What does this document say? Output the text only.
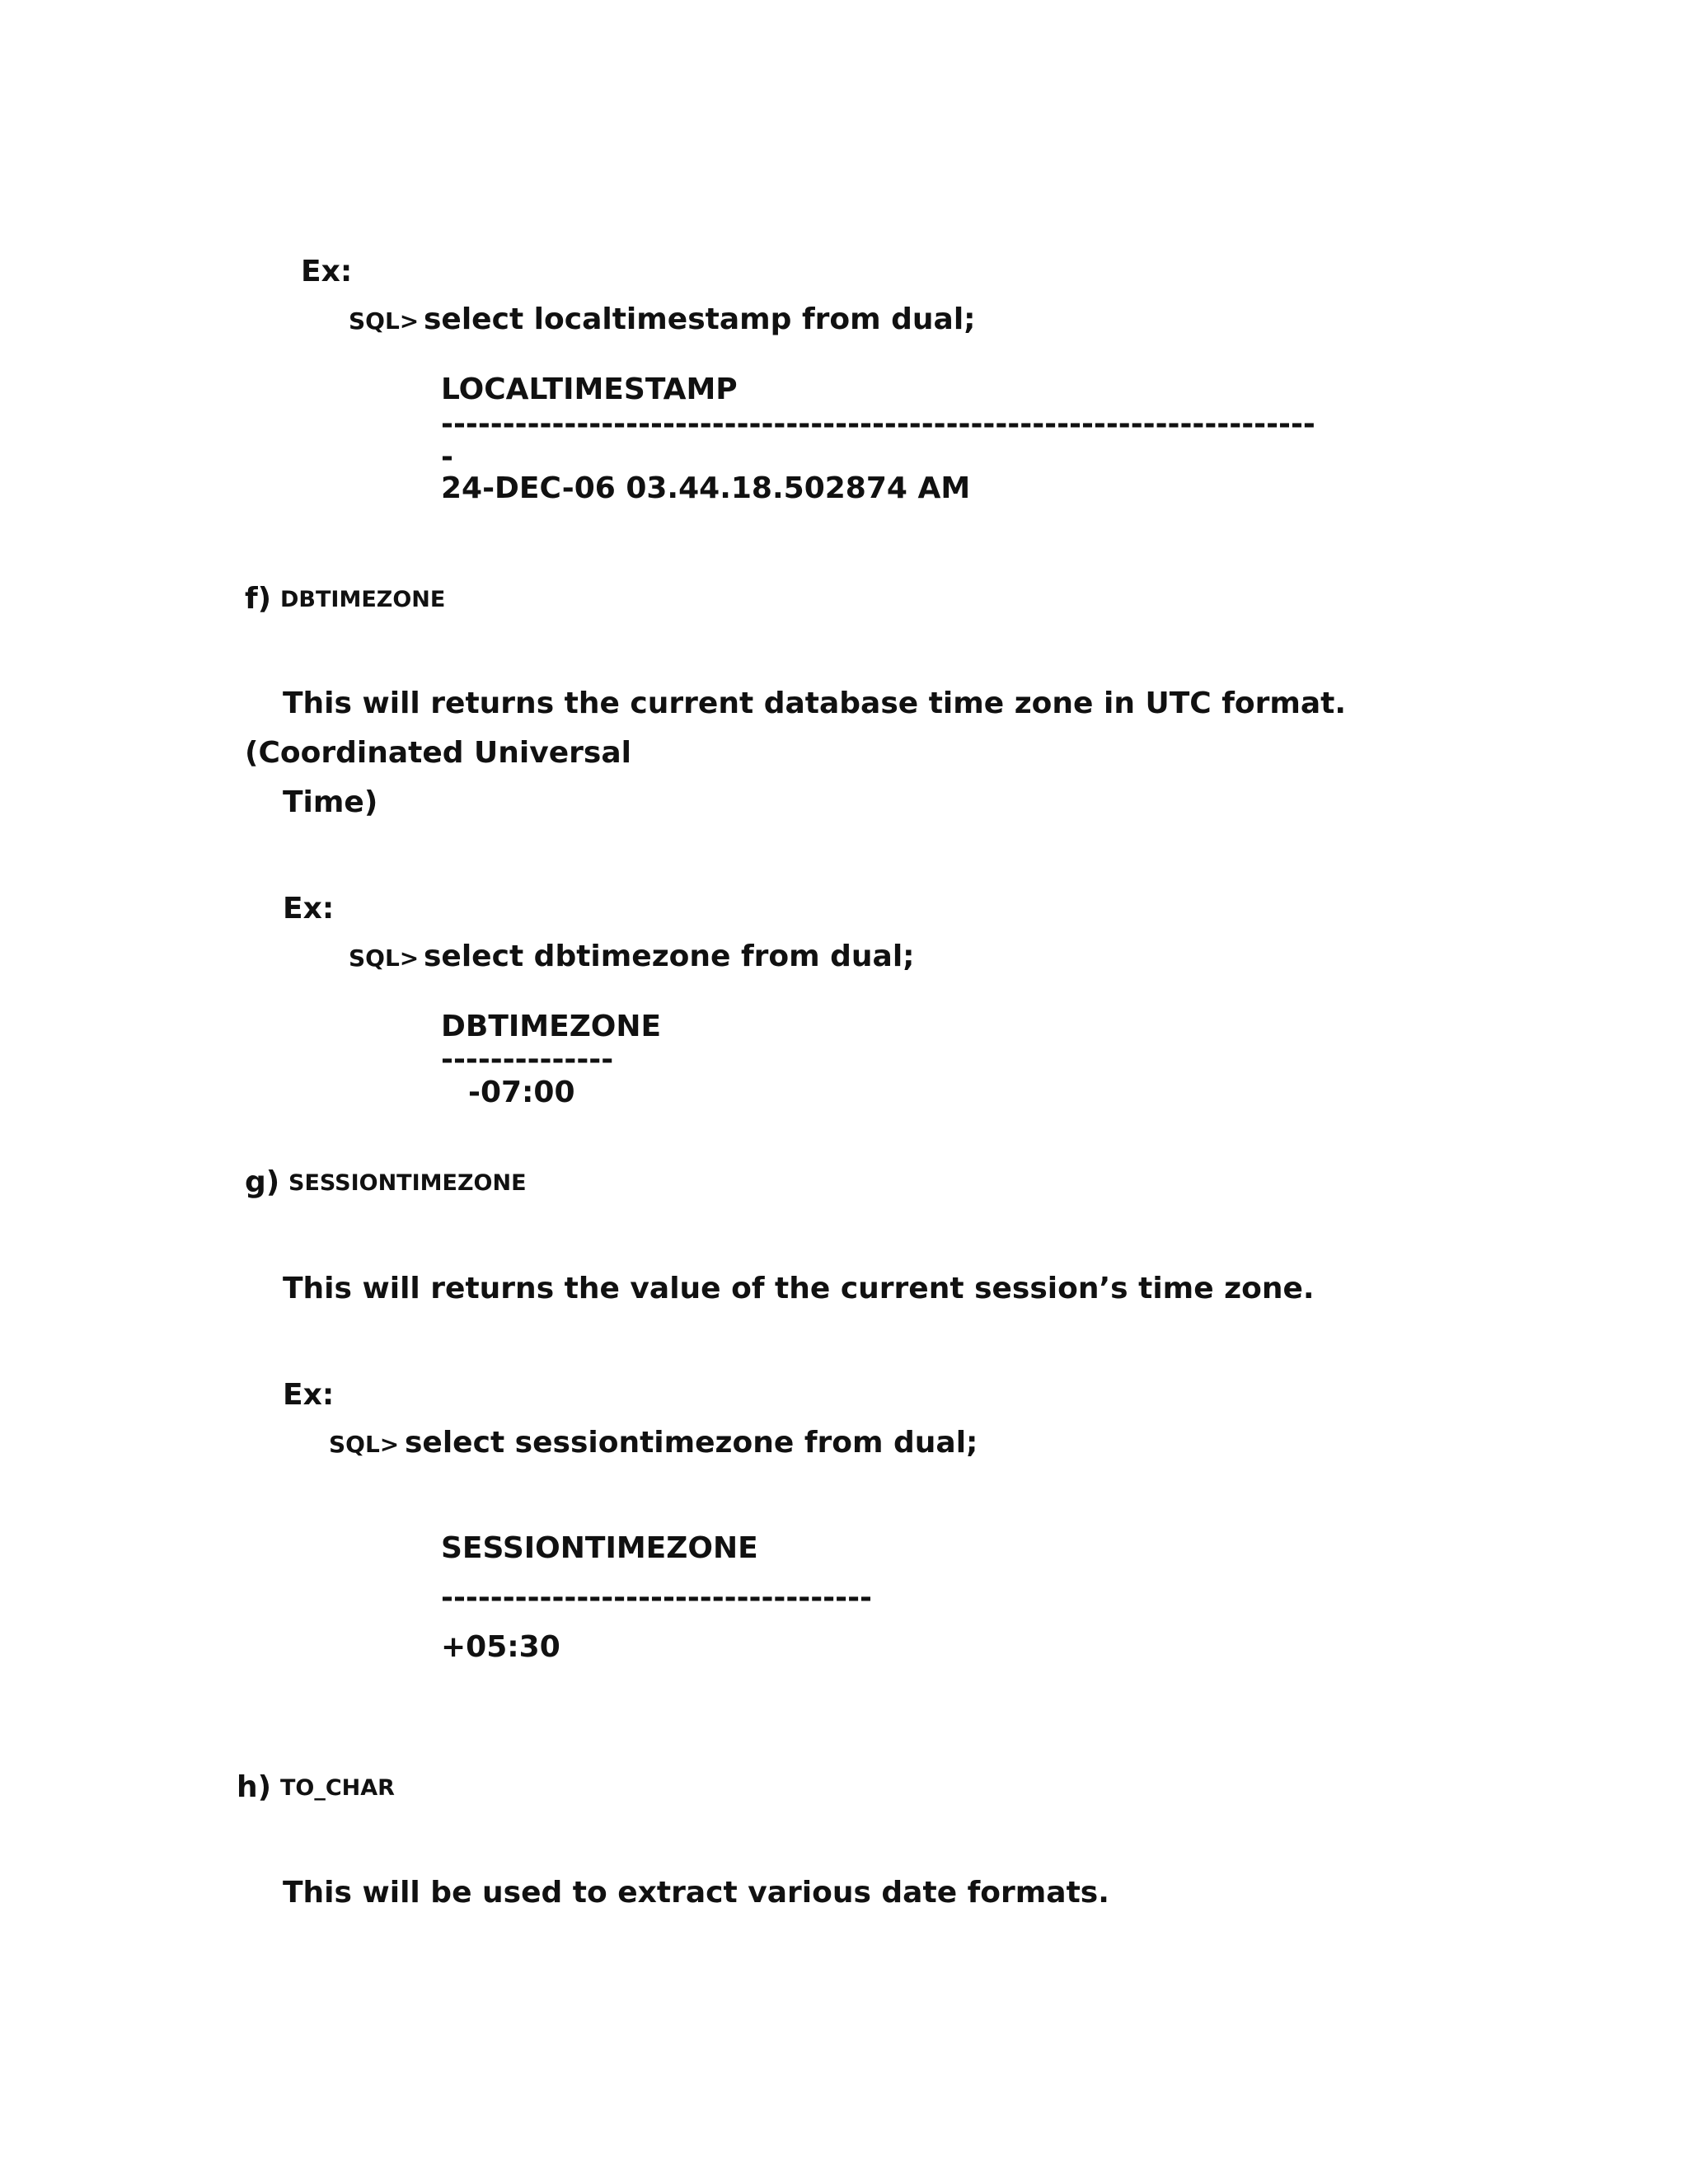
Ex:
SQL> select localtimestamp from dual;
LOCALTIMESTAMP
-----------------------------------------------------------------------
-
24-DEC-06 03.44.18.502874 AM
f) DBTIMEZONE
This will returns the current database time zone in UTC format.
(Coordinated Universal
Time)
Ex:
SQL> select dbtimezone from dual;
DBTIMEZONE
--------------
-07:00
g) SESSIONTIMEZONE
This will returns the value of the current session’s time zone.
Ex:
SQL> select sessiontimezone from dual;
SESSIONTIMEZONE
-----------------------------------
+05:30
h) TO_CHAR
This will be used to extract various date formats.
